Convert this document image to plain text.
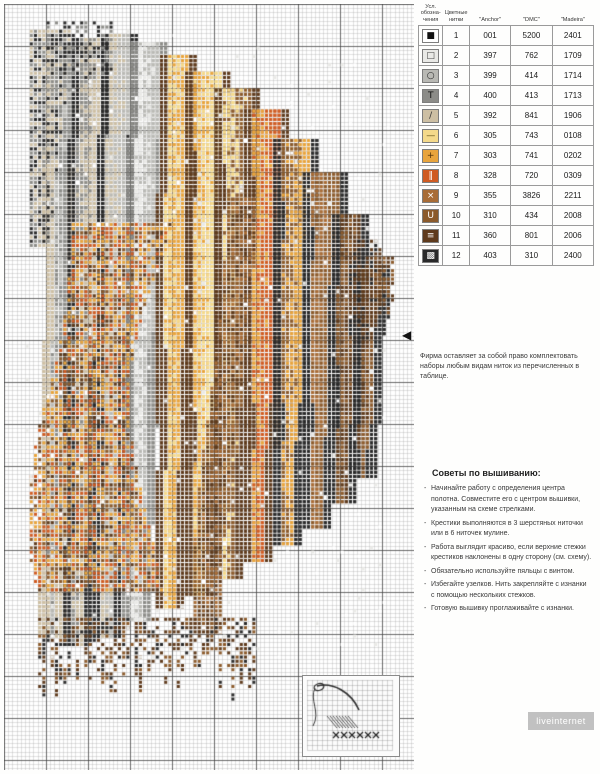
◀
Усл.
обозна-
чения	Цветные
нитки	"Anchor"	"DMC"	"Madeira"

■	1	001	5200	2401

□	2	397	762	1709

○	3	399	414	1714

T	4	400	413	1713

/	5	392	841	1906

—	6	305	743	0108

+	7	303	741	0202

‖	8	328	720	0309

×	9	355	3826	2211

U	10	310	434	2008

≡	11	360	801	2006

▩	12	403	310	2400
Фирма оставляет за собой право комплектовать наборы любым видам ниток из перечисленных в таблице.
Советы по вышиванию:
- Начинайте работу с определения центра полотна. Совместите его с центром вышивки, указанным на схеме стрелками.
- Крестики выполняются в 3 шерстяных ниточки или в 6 ниточек мулине.
- Работа выглядит красиво, если верхние стежки крестиков наклонены в одну сторону (см. схему).
- Обязательно используйте пяльцы с винтом.
- Избегайте узелков. Нить закрепляйте с изнанки с помощью нескольких стежков.
- Готовую вышивку проглаживайте с изнанки.
liveinternet
